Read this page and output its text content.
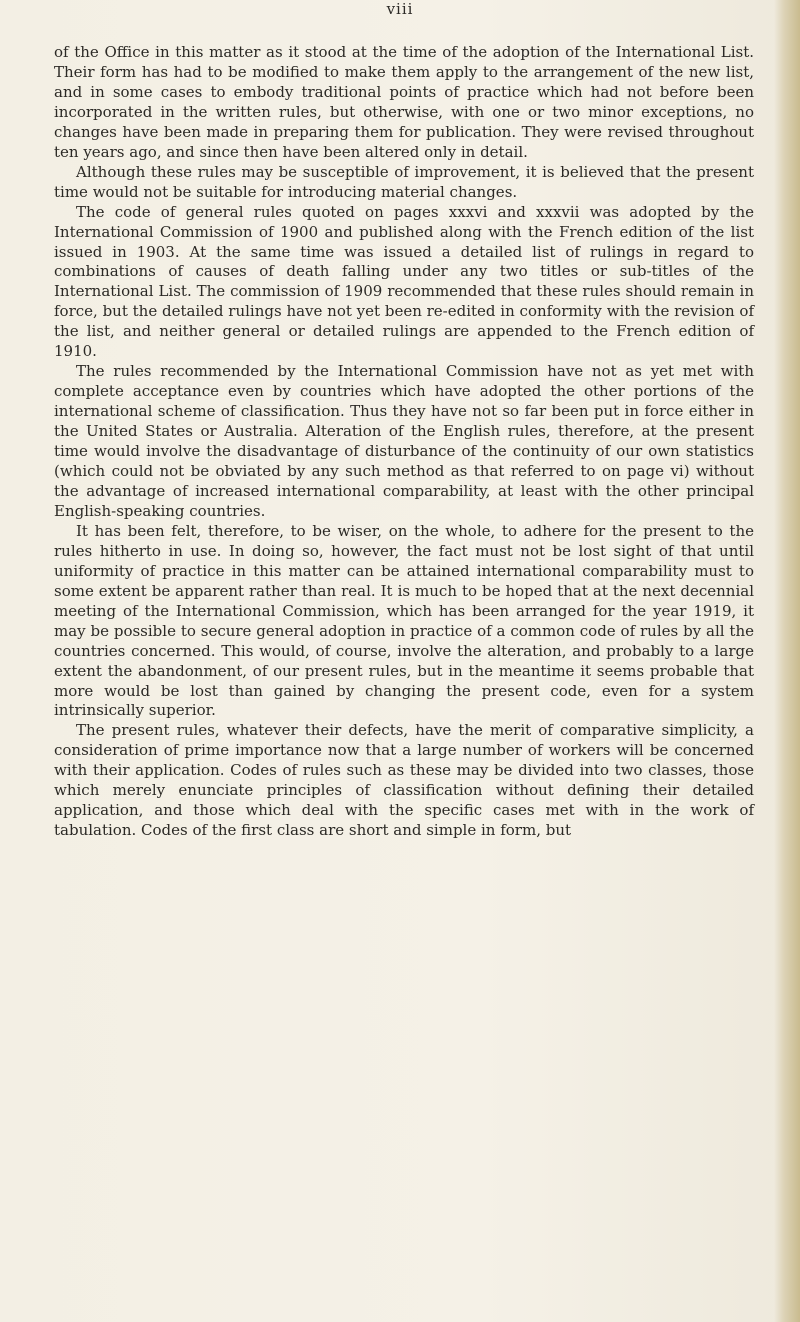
viii

of the Office in this matter as it stood at the time of the adoption of the International List. Their form has had to be modified to make them apply to the arrangement of the new list, and in some cases to embody traditional points of practice which had not before been incorporated in the written rules, but otherwise, with one or two minor exceptions, no changes have been made in preparing them for publication. They were revised throughout ten years ago, and since then have been altered only in detail.

Although these rules may be susceptible of improvement, it is believed that the present time would not be suitable for introducing material changes.

The code of general rules quoted on pages xxxvi and xxxvii was adopted by the International Commission of 1900 and published along with the French edition of the list issued in 1903. At the same time was issued a detailed list of rulings in regard to combinations of causes of death falling under any two titles or sub-titles of the International List. The commission of 1909 recommended that these rules should remain in force, but the detailed rulings have not yet been re-edited in conformity with the revision of the list, and neither general or detailed rulings are appended to the French edition of 1910.

The rules recommended by the International Commission have not as yet met with complete acceptance even by countries which have adopted the other portions of the international scheme of classification. Thus they have not so far been put in force either in the United States or Australia. Alteration of the English rules, therefore, at the present time would involve the disadvantage of disturbance of the continuity of our own statistics (which could not be obviated by any such method as that referred to on page vi) without the advantage of increased international comparability, at least with the other principal English-speaking countries.

It has been felt, therefore, to be wiser, on the whole, to adhere for the present to the rules hitherto in use. In doing so, however, the fact must not be lost sight of that until uniformity of practice in this matter can be attained international comparability must to some extent be apparent rather than real. It is much to be hoped that at the next decennial meeting of the International Commission, which has been arranged for the year 1919, it may be possible to secure general adoption in practice of a common code of rules by all the countries concerned. This would, of course, involve the alteration, and probably to a large extent the abandonment, of our present rules, but in the meantime it seems probable that more would be lost than gained by changing the present code, even for a system intrinsically superior.

The present rules, whatever their defects, have the merit of comparative simplicity, a consideration of prime importance now that a large number of workers will be concerned with their application. Codes of rules such as these may be divided into two classes, those which merely enunciate principles of classification without defining their detailed application, and those which deal with the specific cases met with in the work of tabulation. Codes of the first class are short and simple in form, but
